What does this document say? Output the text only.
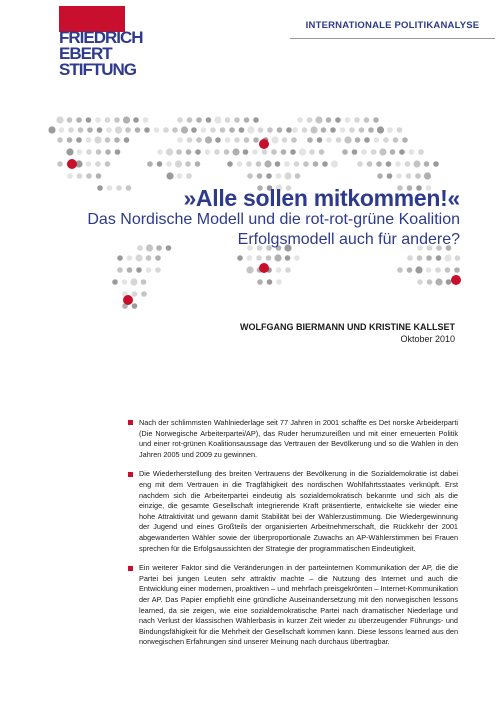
FRIEDRICH
EBERT
STIFTUNG
INTERNATIONALE POLITIKANALYSE
»Alle sollen mitkommen!«
Das Nordische Modell und die rot-rot-grüne Koalition
Erfolgsmodell auch für andere?
WOLFGANG BIERMANN UND KRISTINE KALLSET
Oktober 2010
Nach der schlimmsten Wahlniederlage seit 77 Jahren in 2001 schaffte es Det norske Arbeiderparti (Die Norwegische Arbeiterpartei/AP), das Ruder herumzureißen und mit einer erneuerten Politik und einer rot-grünen Koalitionsaussage das Vertrauen der Bevölkerung und so die Wahlen in den Jahren 2005 und 2009 zu gewinnen.
Die Wiederherstellung des breiten Vertrauens der Bevölkerung in die Sozialdemokratie ist dabei eng mit dem Vertrauen in die Tragfähigkeit des nordischen Wohlfahrtsstaates verknüpft. Erst nachdem sich die Arbeiterpartei eindeutig als sozialdemokratisch bekannte und sich als die einzige, die gesamte Gesellschaft integrierende Kraft präsentierte, entwickelte sie wieder eine hohe Attraktivität und gewann damit Stabilität bei der Wählerzustimmung. Die Wiedergewinnung der Jugend und eines Großteils der organisierten Arbeitnehmerschaft, die Rückkehr der 2001 abgewanderten Wähler sowie der überproportionale Zuwachs an AP-Wählerstimmen bei Frauen sprechen für die Erfolgsaussichten der Strategie der programmatischen Eindeutigkeit.
Ein weiterer Faktor sind die Veränderungen in der parteiinternen Kommunikation der AP, die die Partei bei jungen Leuten sehr attraktiv machte – die Nutzung des Internet und auch die Entwicklung einer modernen, proaktiven – und mehrfach preisgekrönten – Internet-Kommunikation der AP. Das Papier empfiehlt eine gründliche Auseinandersetzung mit den norwegischen lessons learned, da sie zeigen, wie eine sozialdemokratische Partei nach dramatischer Niederlage und nach Verlust der klassischen Wählerbasis in kurzer Zeit wieder zu überzeugender Führungs- und Bindungsfähigkeit für die Mehrheit der Gesellschaft kommen kann. Diese lessons learned aus den norwegischen Erfahrungen sind unserer Meinung nach durchaus übertragbar.
